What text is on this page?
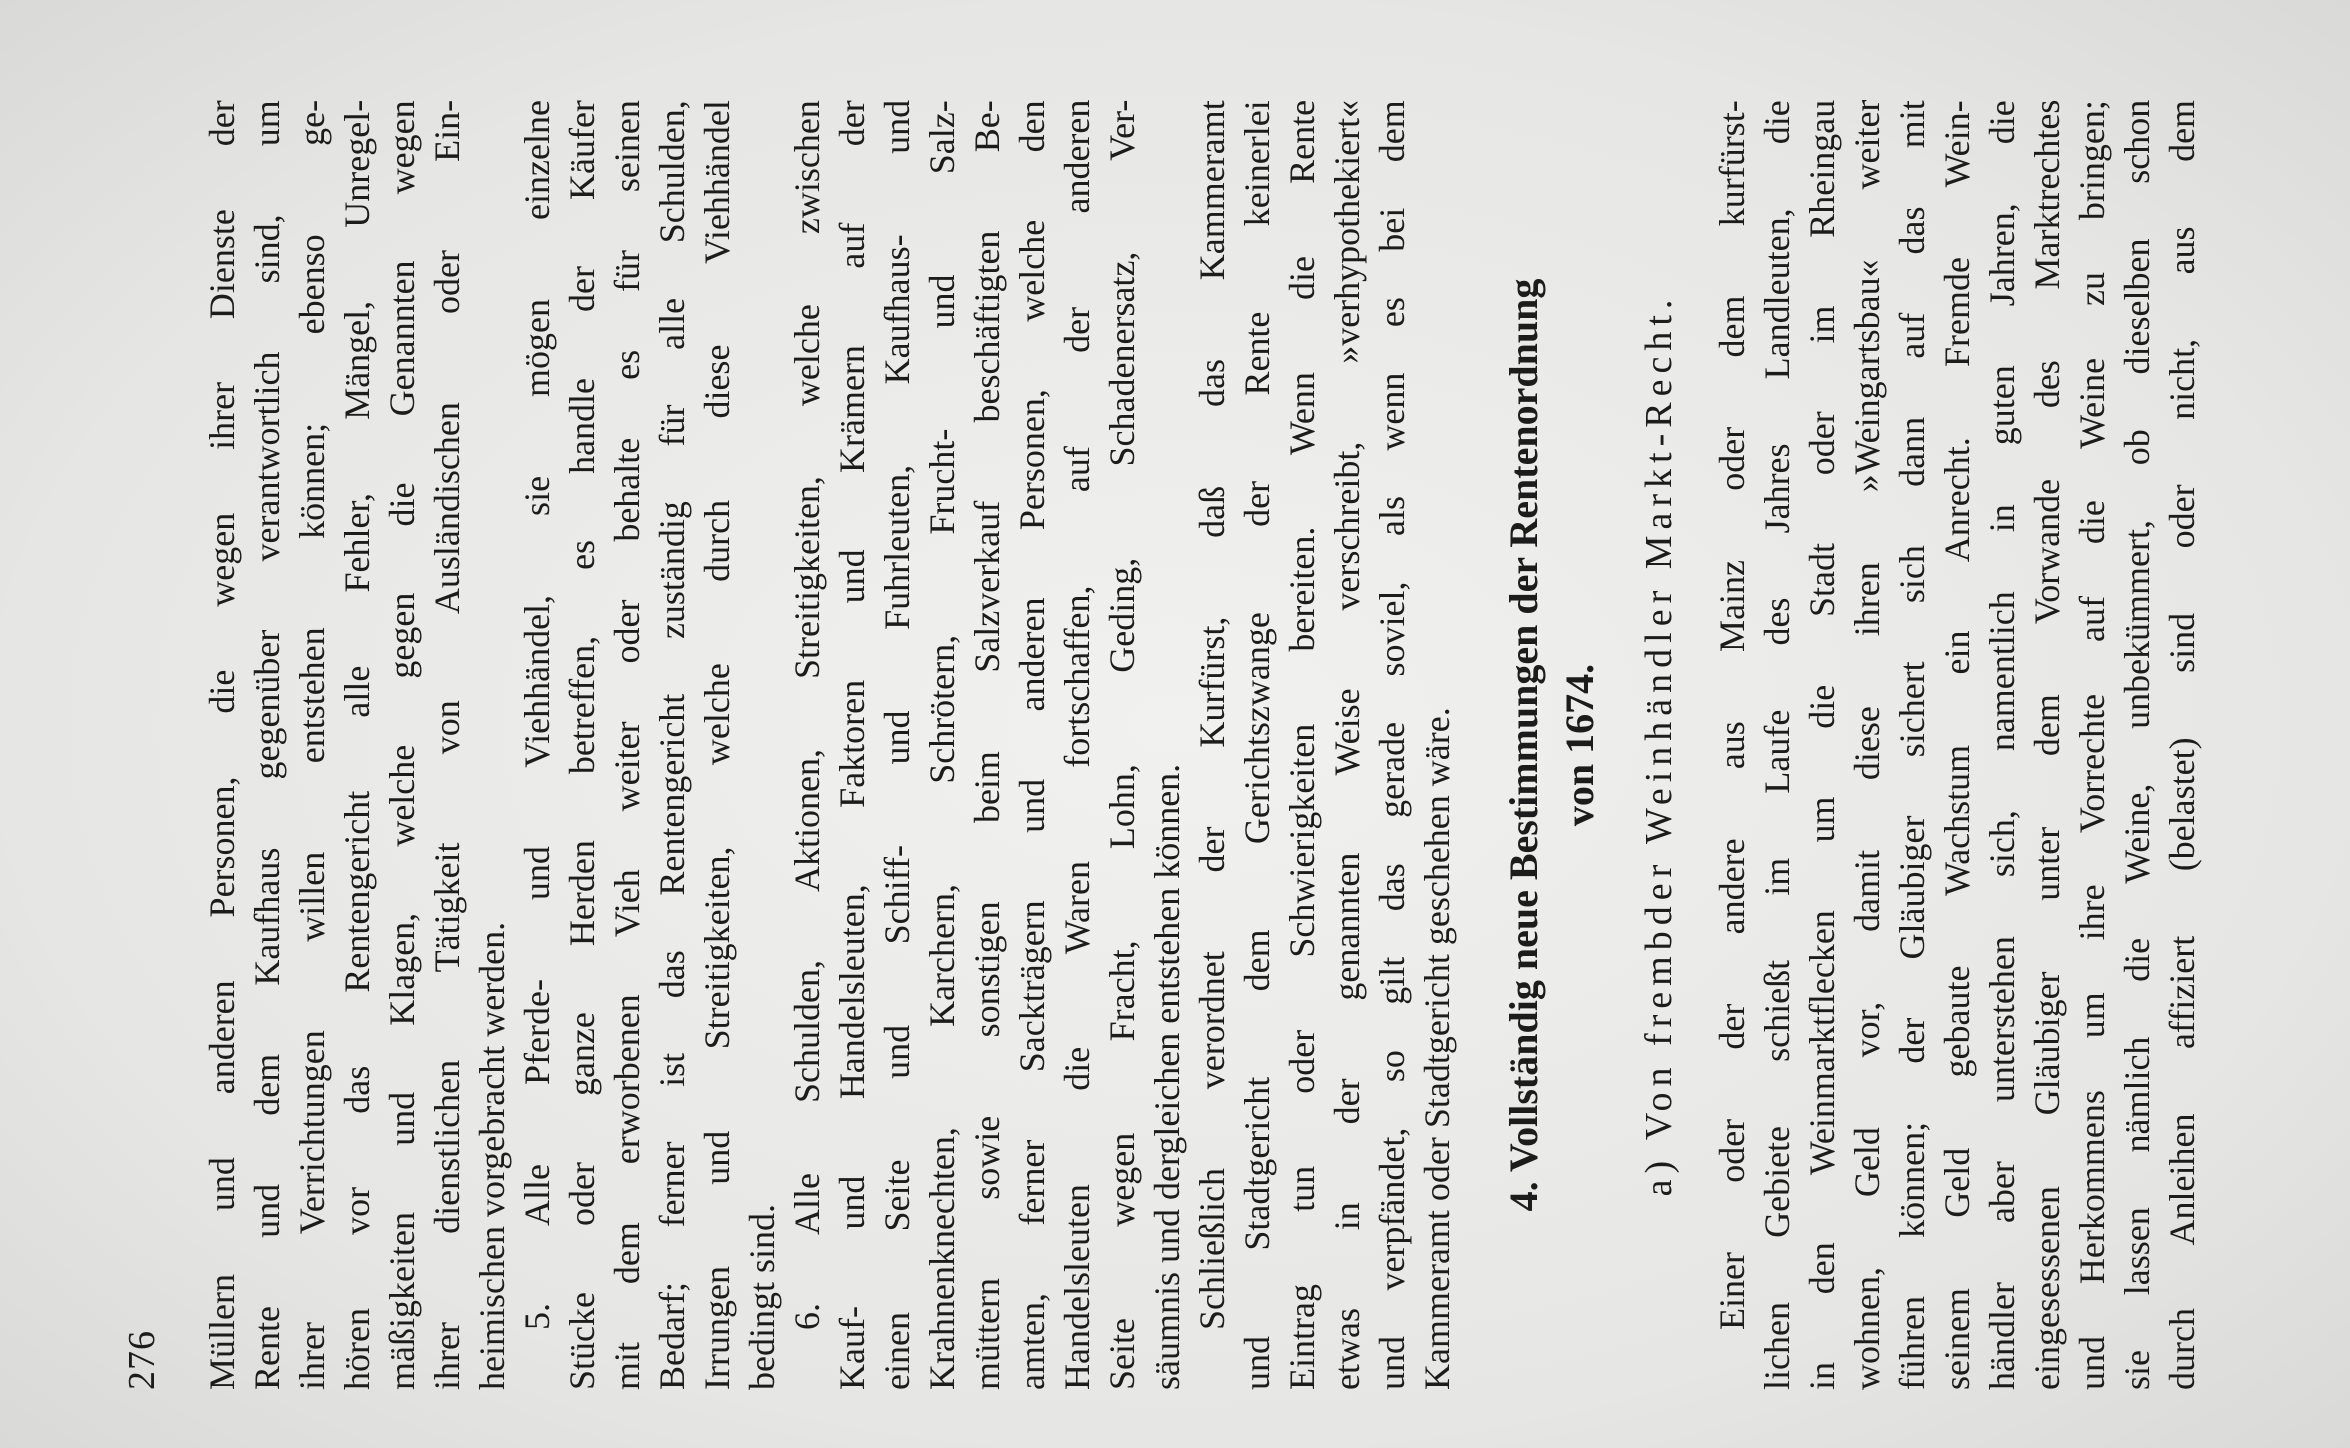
276 Müllern und anderen Personen, die wegen ihrer Dienste der Rente und dem Kaufhaus gegenüber verantwortlich sind, um ihrer Verrichtungen willen entstehen können; ebenso ge- hören vor das Rentengericht alle Fehler, Mängel, Unregel- mäßigkeiten und Klagen, welche gegen die Genannten wegen ihrer dienstlichen Tätigkeit von Ausländischen oder Ein- heimischen vorgebracht werden. 5. Alle Pferde- und Viehhändel, sie mögen einzelne Stücke oder ganze Herden betreffen, es handle der Käufer mit dem erworbenen Vieh weiter oder behalte es für seinen Bedarf; ferner ist das Rentengericht zuständig für alle Schulden, Irrungen und Streitigkeiten, welche durch diese Viehhändel bedingt sind. 6. Alle Schulden, Aktionen, Streitigkeiten, welche zwischen Kauf- und Handelsleuten, Faktoren und Krämern auf der einen Seite und Schiff- und Fuhrleuten, Kaufhaus- und Krahnenknechten, Karchern, Schrötern, Frucht- und Salz- müttern sowie sonstigen beim Salzverkauf beschäftigten Be- amten, ferner Sackträgern und anderen Personen, welche den Handelsleuten die Waren fortschaffen, auf der anderen Seite wegen Fracht, Lohn, Geding, Schadenersatz, Ver- säumnis und dergleichen entstehen können. Schließlich verordnet der Kurfürst, daß das Kammeramt und Stadtgericht dem Gerichtszwange der Rente keinerlei Eintrag tun oder Schwierigkeiten bereiten. Wenn die Rente etwas in der genannten Weise verschreibt, »verhypothekiert« und verpfändet, so gilt das gerade soviel, als wenn es bei dem Kammeramt oder Stadtgericht geschehen wäre. 4. Vollständig neue Bestimmungen der Rentenordnung von 1674. a) Von frembder Weinhändler Markt-Recht. Einer oder der andere aus Mainz oder dem kurfürst- lichen Gebiete schießt im Laufe des Jahres Landleuten, die in den Weinmarktflecken um die Stadt oder im Rheingau wohnen, Geld vor, damit diese ihren »Weingartsbau« weiter führen können; der Gläubiger sichert sich dann auf das mit seinem Geld gebaute Wachstum ein Anrecht. Fremde Wein- händler aber unterstehen sich, namentlich in guten Jahren, die eingesessenen Gläubiger unter dem Vorwande des Marktrechtes und Herkommens um ihre Vorrechte auf die Weine zu bringen; sie lassen nämlich die Weine, unbekümmert, ob dieselben schon durch Anleihen affiziert (belastet) sind oder nicht, aus dem
